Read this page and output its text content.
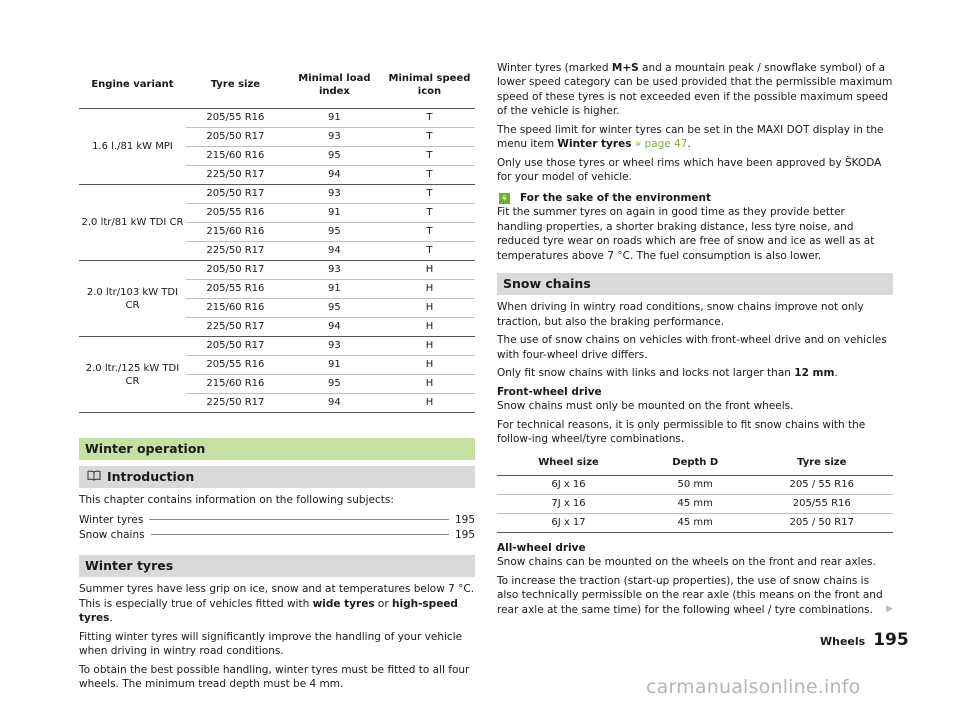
Engine variant	Tyre size	Minimal load index	Minimal speed icon
1.6 l./81 kW MPI	205/55 R16	91	T
	205/50 R17	93	T
	215/60 R16	95	T
	225/50 R17	94	T
2.0 ltr/81 kW TDI CR	205/50 R17	93	T
	205/55 R16	91	T
	215/60 R16	95	T
	225/50 R17	94	T
2.0 ltr/103 kW TDI CR	205/50 R17	93	H
	205/55 R16	91	H
	215/60 R16	95	H
	225/50 R17	94	H
2.0 ltr./125 kW TDI CR	205/50 R17	93	H
	205/55 R16	91	H
	215/60 R16	95	H
	225/50 R17	94	H
Winter operation
Introduction

This chapter contains information on the following subjects:

Winter tyres	195
Snow chains	195
Winter tyres

Summer tyres have less grip on ice, snow and at temperatures below 7 °C. This is especially true of vehicles fitted with wide tyres or high-speed tyres.

Fitting winter tyres will significantly improve the handling of your vehicle when driving in wintry road conditions.

To obtain the best possible handling, winter tyres must be fitted to all four wheels. The minimum tread depth must be 4 mm.

Winter tyres (marked M+S and a mountain peak / snowflake symbol) of a lower speed category can be used provided that the permissible maximum speed of these tyres is not exceeded even if the possible maximum speed of the vehicle is higher.

The speed limit for winter tyres can be set in the MAXI DOT display in the menu item Winter tyres » page 47.

Only use those tyres or wheel rims which have been approved by ŠKODA for your model of vehicle.

⚘ For the sake of the environment

Fit the summer tyres on again in good time as they provide better handling properties, a shorter braking distance, less tyre noise, and reduced tyre wear on roads which are free of snow and ice as well as at temperatures above 7 °C. The fuel consumption is also lower.

Snow chains

When driving in wintry road conditions, snow chains improve not only traction, but also the braking performance.

The use of snow chains on vehicles with front-wheel drive and on vehicles with four-wheel drive differs.

Only fit snow chains with links and locks not larger than 12 mm.

Front-wheel drive

Snow chains must only be mounted on the front wheels.

For technical reasons, it is only permissible to fit snow chains with the follow-ing wheel/tyre combinations.

Wheel size	Depth D	Tyre size
6J x 16	50 mm	205 / 55 R16
7J x 16	45 mm	205/55 R16
6J x 17	45 mm	205 / 50 R17

All-wheel drive

Snow chains can be mounted on the wheels on the front and rear axles.

To increase the traction (start-up properties), the use of snow chains is also technically permissible on the rear axle (this means on the front and rear axle at the same time) for the following wheel / tyre combinations. ▶

Wheels 195
carmanualsonline.info
